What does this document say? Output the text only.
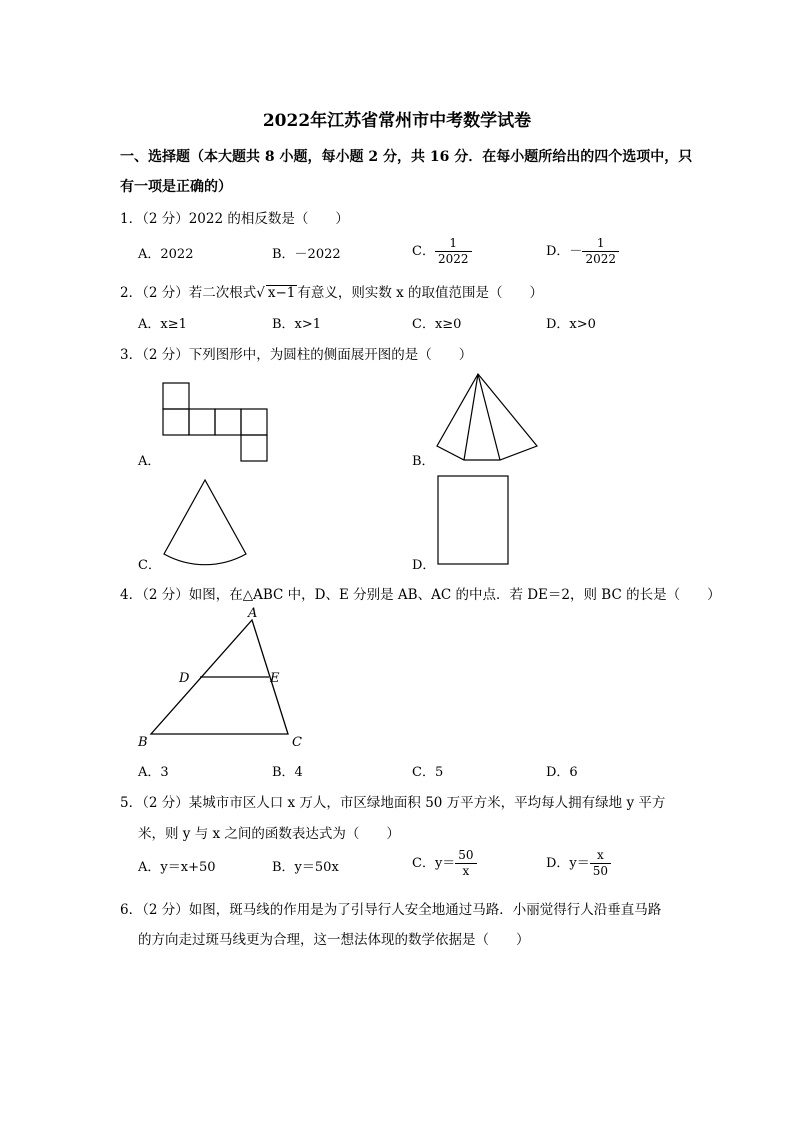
2022年江苏省常州市中考数学试卷
一、选择题（本大题共 8 小题，每小题 2 分，共 16 分．在每小题所给出的四个选项中，只
有一项是正确的）
1．（2 分）2022 的相反数是（　　）
A．2022	B．－2022	C． $\frac{1}{2022}$	D．－ $\frac{1}{2022}$
2．（2 分）若二次根式√ x−1 有意义，则实数 x 的取值范围是（　　）
A．x≥1	B．x>1	C．x≥0	D．x>0
3．（2 分）下列图形中，为圆柱的侧面展开图的是（　　）
A．	B．
C．	D．
4．（2 分）如图，在△ABC 中，D、E 分别是 AB、AC 的中点．若 DE＝2，则 BC 的长是（　　）
A
B	C
D	E
A．3	B．4	C．5	D．6
5．（2 分）某城市市区人口 x 万人，市区绿地面积 50 万平方米，平均每人拥有绿地 y 平方
米，则 y 与 x 之间的函数表达式为（　　）
A．y＝x+50	B．y＝50x	C．$y= \frac{50}{x}$	D．$y= \frac{x}{50}$
6．（2 分）如图，斑马线的作用是为了引导行人安全地通过马路．小丽觉得行人沿垂直马路
的方向走过斑马线更为合理，这一想法体现的数学依据是（　　）
